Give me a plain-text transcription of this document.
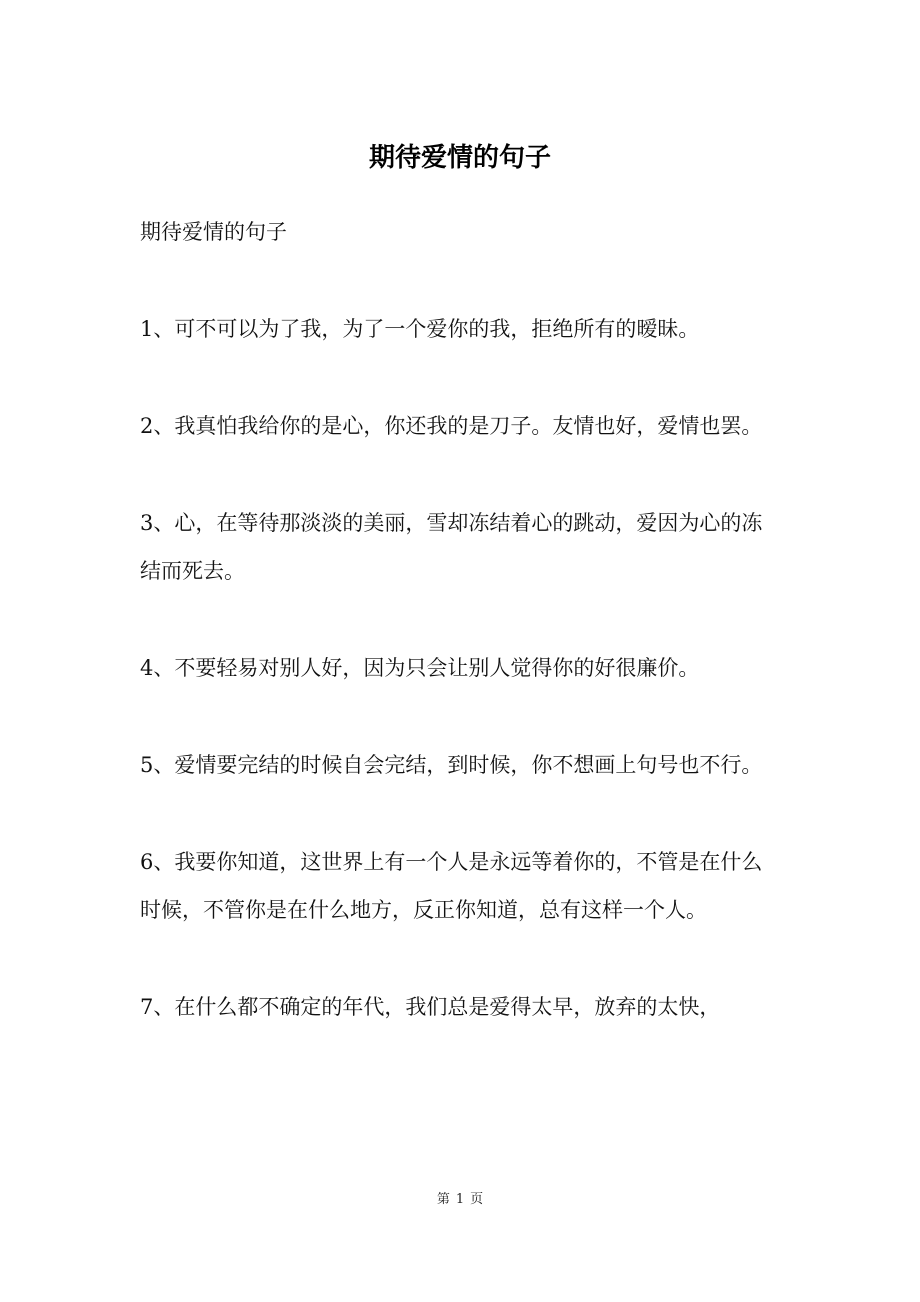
期待爱情的句子

期待爱情的句子

1、可不可以为了我，为了一个爱你的我，拒绝所有的暧昧。

2、我真怕我给你的是心，你还我的是刀子。友情也好，爱情也罢。

3、心，在等待那淡淡的美丽，雪却冻结着心的跳动，爱因为心的冻结而死去。

4、不要轻易对别人好，因为只会让别人觉得你的好很廉价。

5、爱情要完结的时候自会完结，到时候，你不想画上句号也不行。

6、我要你知道，这世界上有一个人是永远等着你的，不管是在什么时候，不管你是在什么地方，反正你知道，总有这样一个人。

7、在什么都不确定的年代，我们总是爱得太早，放弃的太快，

第 1 页
